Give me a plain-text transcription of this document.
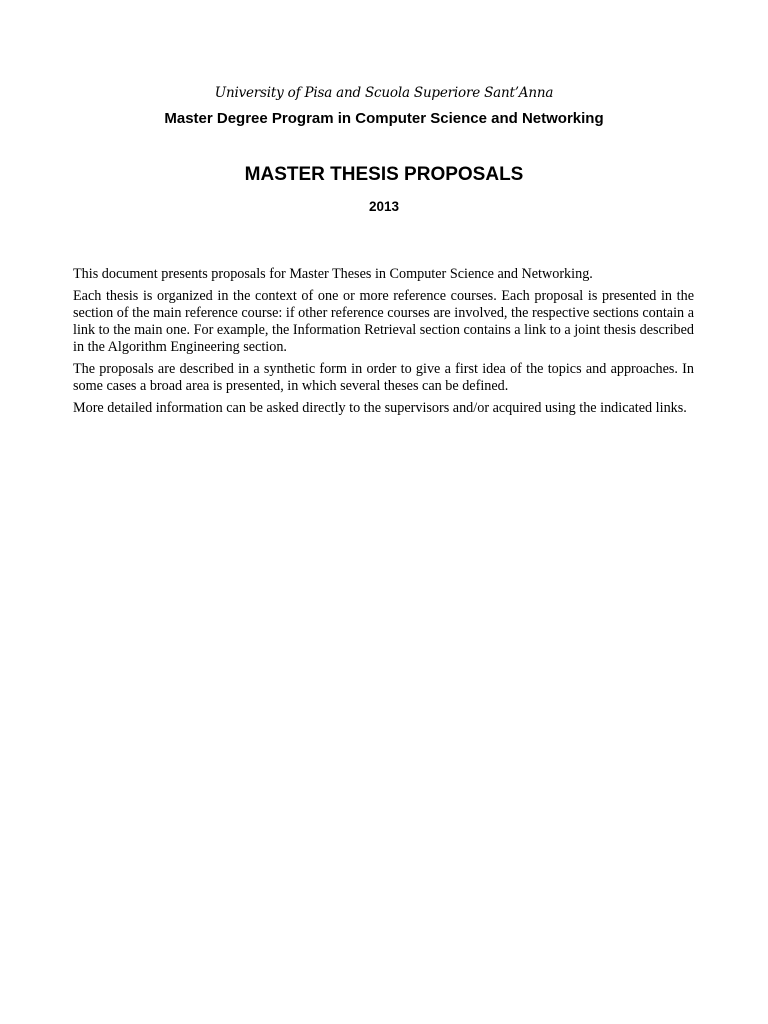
University of Pisa and Scuola Superiore Sant’Anna

Master Degree Program in Computer Science and Networking

MASTER THESIS PROPOSALS

2013

This document presents proposals for Master Theses in Computer Science and Networking.

Each thesis is organized in the context of one or more reference courses. Each proposal is presented in the section of the main reference course: if other reference courses are involved, the respective sections contain a link to the main one. For example, the Information Retrieval section contains a link to a joint thesis described in the Algorithm Engineering section.

The proposals are described in a synthetic form in order to give a first idea of the topics and approaches. In some cases a broad area is presented, in which several theses can be defined.

More detailed information can be asked directly to the supervisors and/or acquired using the indicated links.
